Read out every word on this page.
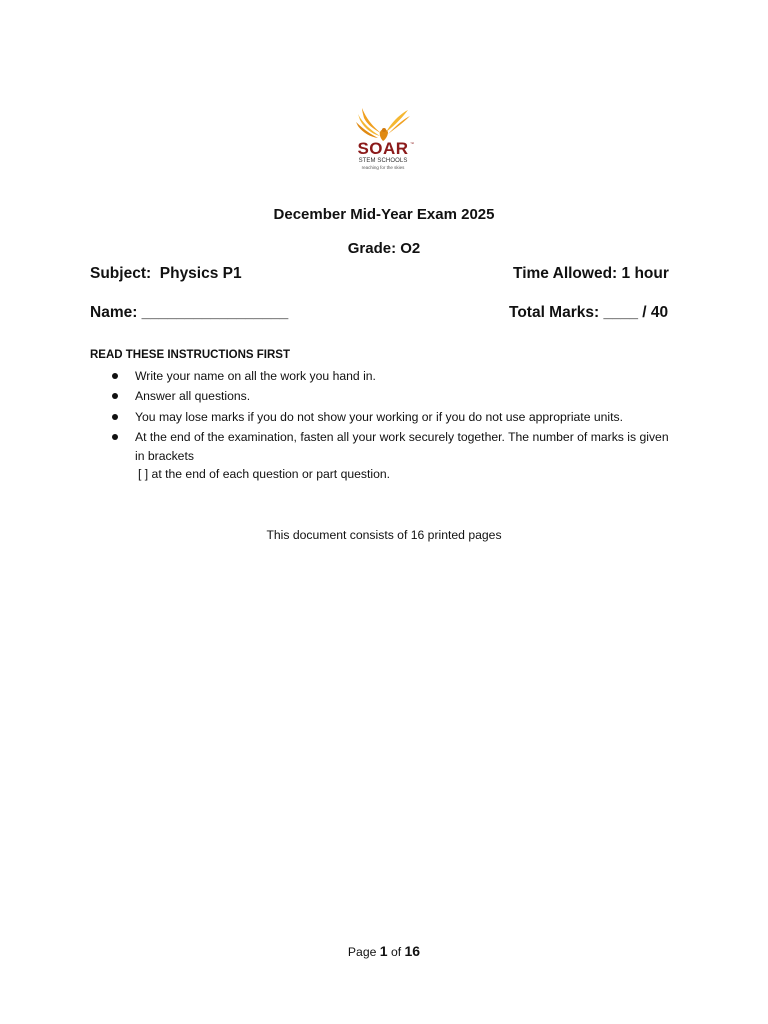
SOAR ™
STEM SCHOOLS
reaching for the skies
December Mid-Year Exam 2025
Grade: O2
Subject:  Physics P1	Time Allowed: 1 hour
Name: _________________	Total Marks: ____ / 40
READ THESE INSTRUCTIONS FIRST
Write your name on all the work you hand in.
Answer all questions.
You may lose marks if you do not show your working or if you do not use appropriate units.
At the end of the examination, fasten all your work securely together. The number of marks is given in brackets
[ ] at the end of each question or part question.
This document consists of 16 printed pages
Page 1 of 16
